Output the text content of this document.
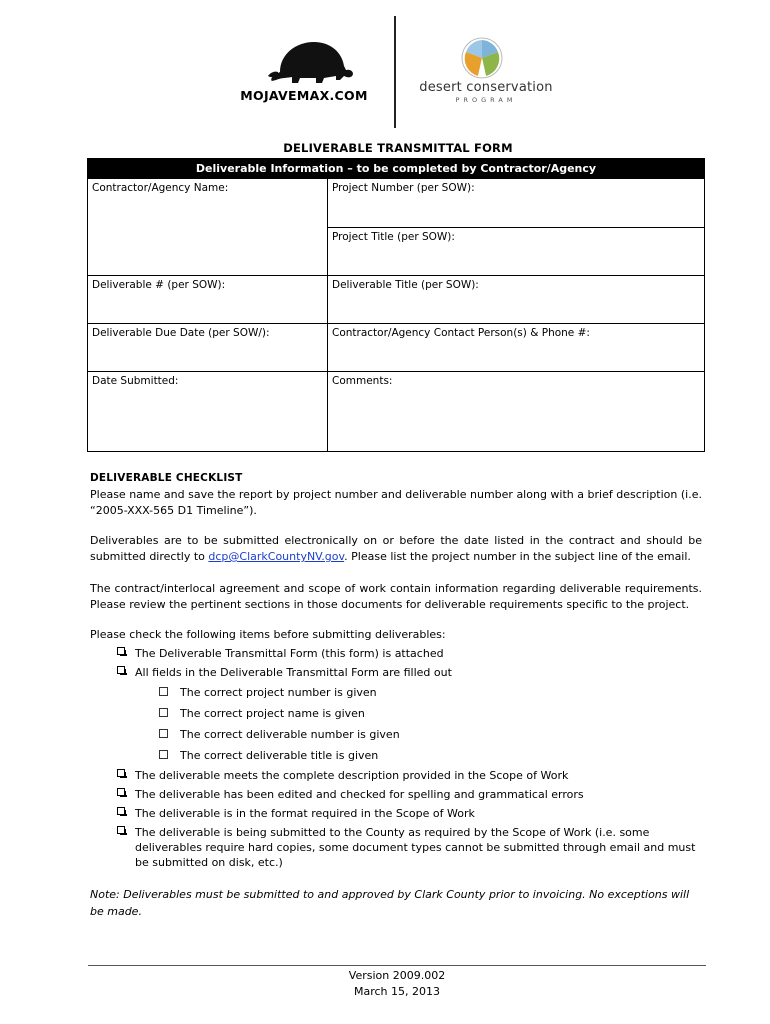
MOJAVEMAX.COM
desert conservation
PROGRAM
DELIVERABLE TRANSMITTAL FORM
Deliverable Information – to be completed by Contractor/Agency
Contractor/Agency Name:	Project Number (per SOW):
Project Title (per SOW):
Deliverable # (per SOW):	Deliverable Title (per SOW):
Deliverable Due Date (per SOW/):	Contractor/Agency Contact Person(s) & Phone #:
Date Submitted:	Comments:
DELIVERABLE CHECKLIST
Please name and save the report by project number and deliverable number along with a brief description (i.e. “2005-XXX-565 D1 Timeline”).
Deliverables are to be submitted electronically on or before the date listed in the contract and should be submitted directly to dcp@ClarkCountyNV.gov. Please list the project number in the subject line of the email.
The contract/interlocal agreement and scope of work contain information regarding deliverable requirements. Please review the pertinent sections in those documents for deliverable requirements specific to the project.
Please check the following items before submitting deliverables:
The Deliverable Transmittal Form (this form) is attached
All fields in the Deliverable Transmittal Form are filled out
The correct project number is given
The correct project name is given
The correct deliverable number is given
The correct deliverable title is given
The deliverable meets the complete description provided in the Scope of Work
The deliverable has been edited and checked for spelling and grammatical errors
The deliverable is in the format required in the Scope of Work
The deliverable is being submitted to the County as required by the Scope of Work (i.e. some deliverables require hard copies, some document types cannot be submitted through email and must be submitted on disk, etc.)
Note: Deliverables must be submitted to and approved by Clark County prior to invoicing. No exceptions will be made.
Version 2009.002
March 15, 2013
